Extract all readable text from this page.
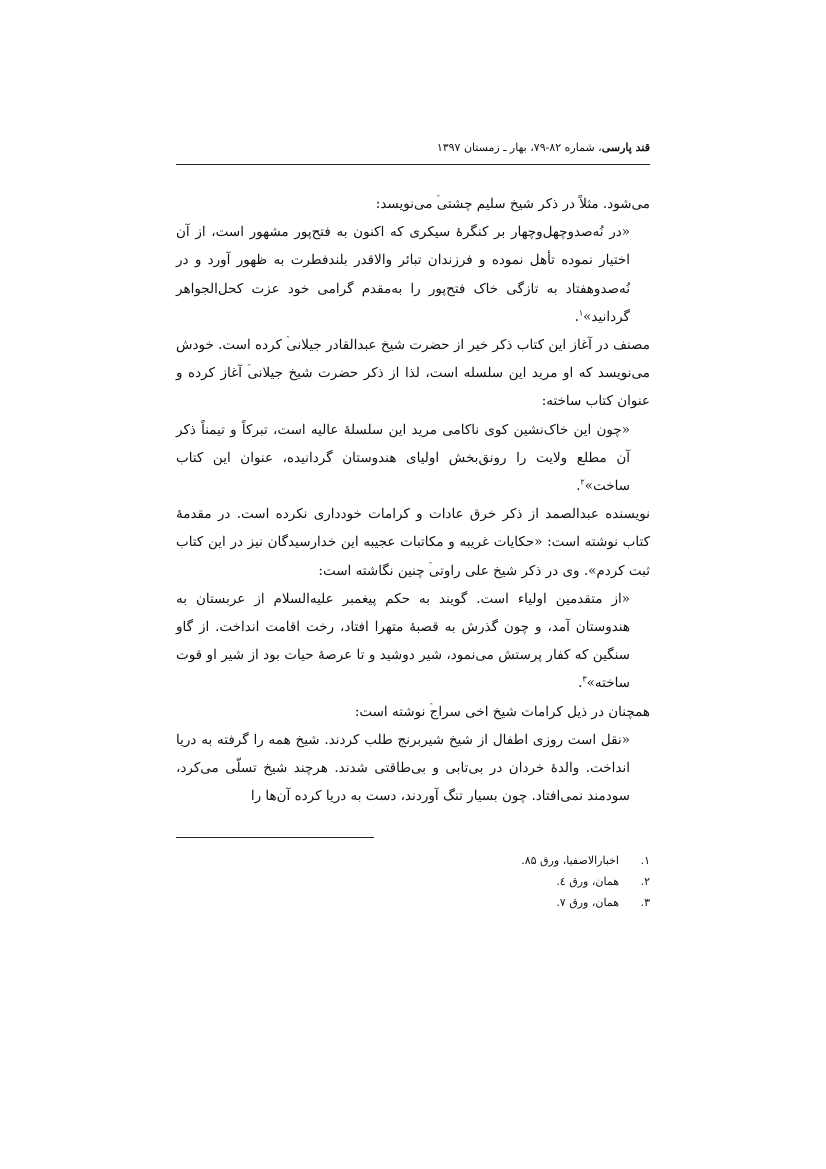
قند پارسی، شماره ۸۲-۷۹، بهار ـ زمستان ۱۳۹۷

می‌شود. مثلاً در ذکر شیخ سلیم چشتی می‌نویسد:

«در نُه‌صدوچهل‌وچهار بر کنگرهٔ سیکری که اکنون به فتح‌پور مشهور است، از آن اختیار نموده تأهل نموده و فرزندان تبائر والاقدر بلندفطرت به ظهور آورد و در نُه‌صدوهفتاد به تازگی خاک فتح‌پور را به‌مقدم گرامی خود عزت کحل‌الجواهر گردانید»$^۱$.

مصنف در آغاز این کتاب ذکر خیر از حضرت شیخ عبدالقادر جیلانی کرده است. خودش می‌نویسد که او مرید این سلسله است، لذا از ذکر حضرت شیخ جیلانی آغاز کرده و عنوان کتاب ساخته:

«چون این خاک‌نشین کوی ناکامی مرید این سلسلهٔ عالیه است، تبرکاً و تیمناً ذکر آن مطلع ولایت را رونق‌بخش اولیای هندوستان گردانیده، عنوان این کتاب ساخت»$^۲$.

نویسنده عبدالصمد از ذکر خرق عادات و کرامات خودداری نکرده است. در مقدمهٔ کتاب نوشته است: «حکایات غریبه و مکاتبات عجیبه این خدارسیدگان نیز در این کتاب ثبت کردم». وی در ذکر شیخ علی راوتی چنین نگاشته است:

«از متقدمین اولیاء است. گویند به حکم پیغمبر علیه‌السلام از عربستان به هندوستان آمد، و چون گذرش به قصبهٔ متهرا افتاد، رخت اقامت انداخت. از گاو سنگین که کفار پرستش می‌نمود، شیر دوشید و تا عرصهٔ حیات بود از شیر او قوت ساخته»$^۳$.

همچنان در ذیل کرامات شیخ اخی سراج نوشته است:

«نقل است روزی اطفال از شیخ شیربرنج طلب کردند. شیخ همه را گرفته به دریا انداخت. والدهٔ خردان در بی‌تابی و بی‌طاقتی شدند. هرچند شیخ تسلّی می‌کرد، سودمند نمی‌افتاد. چون بسیار تنگ آوردند، دست به دریا کرده آن‌ها را

۱.

اخبارالاصفیا، ورق ۸۵.
۲.

همان، ورق ٤.
۳.

همان، ورق ۷.
